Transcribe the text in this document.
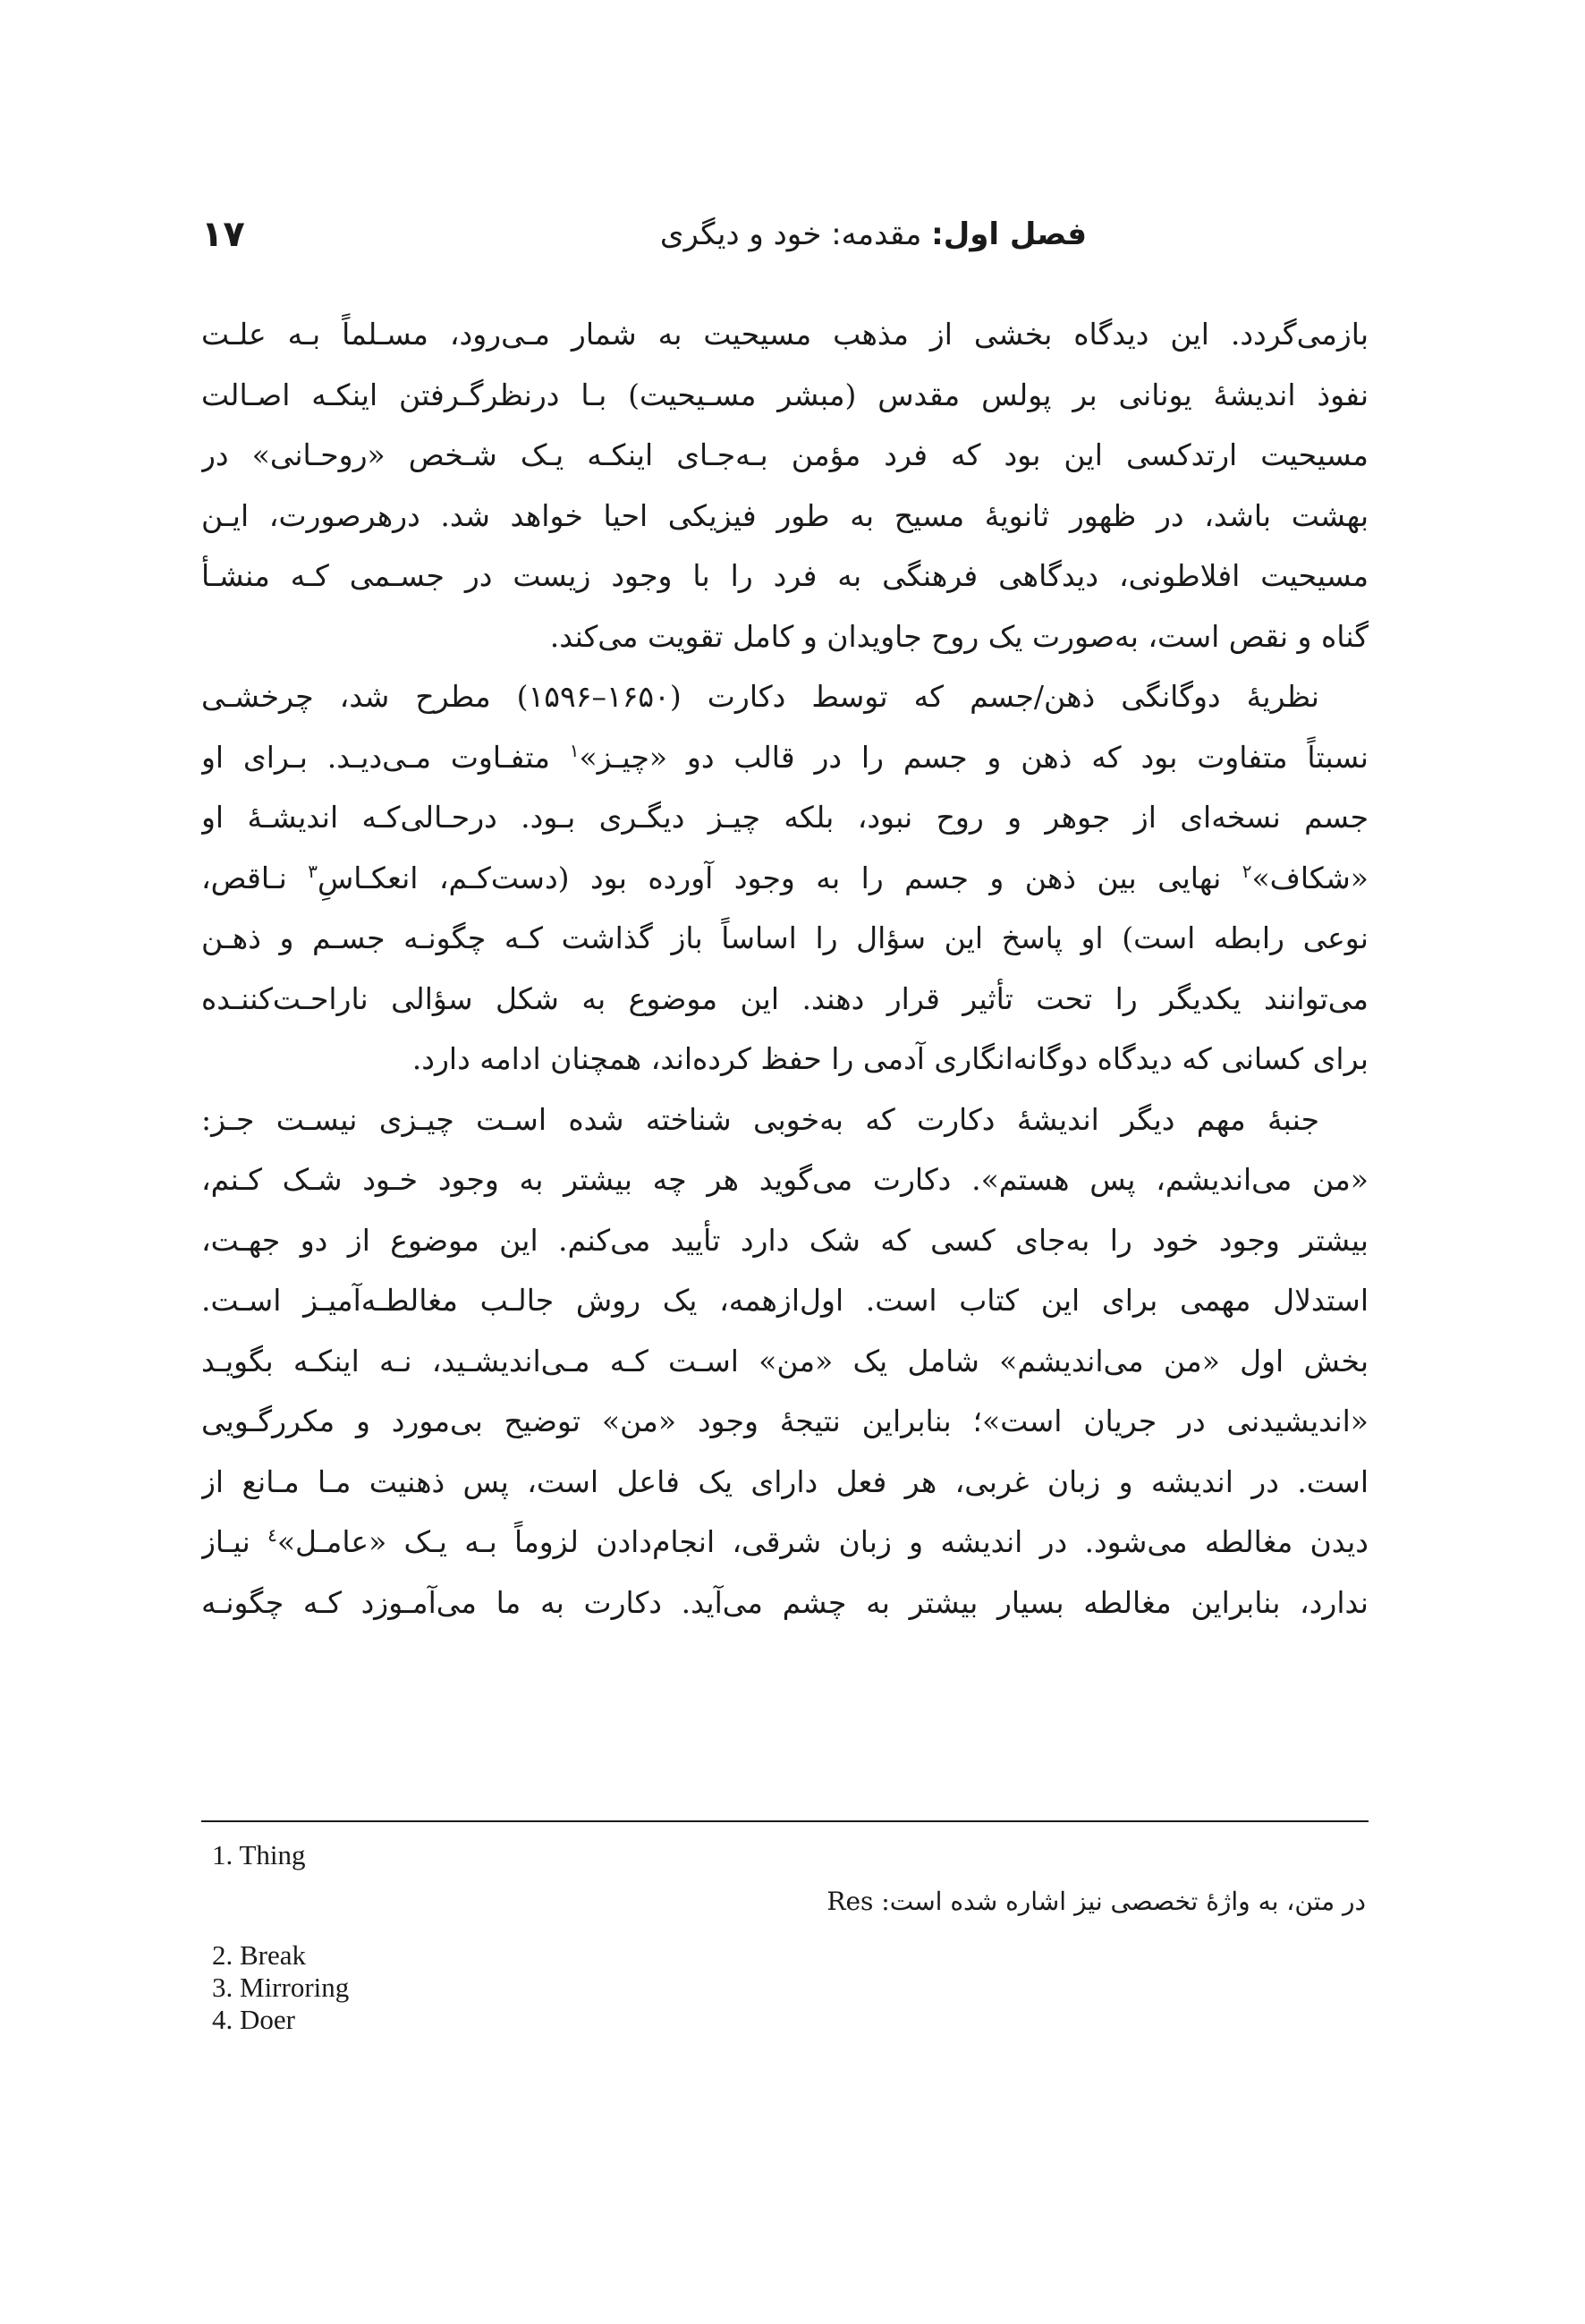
فصل اول: مقدمه: خود و دیگری
۱۷
بازمی‌گردد. این دیدگاه بخشی از مذهب مسیحیت به شمار مـی‌رود، مسـلماً بـه علـت
نفوذ اندیشهٔ یونانی بر پولس مقدس (مبشر مسـیحیت) بـا درنظرگـرفتن اینکـه اصـالت
مسیحیت ارتدکسی این بود که فرد مؤمن بـه‌جـای اینکـه یـک شـخص «روحـانی» در
بهشت باشد، در ظهور ثانویهٔ مسیح به طور فیزیکی احیا خواهد شد. درهرصورت، ایـن
مسیحیت افلاطونی، دیدگاهی فرهنگی به فرد را با وجود زیست در جسـمی کـه منشـأ
گناه و نقص است، به‌صورت یک روح جاویدان و کامل تقویت می‌کند.
نظریهٔ دوگانگی ذهن/جسم که توسط دکارت (۱۶۵۰–۱۵۹۶) مطرح شد، چرخشـی
نسبتاً متفاوت بود که ذهن و جسم را در قالب دو «چیـز»$^۱$ متفـاوت مـی‌دیـد. بـرای او
جسم نسخه‌ای از جوهر و روح نبود، بلکه چیـز دیگـری بـود. درحـالی‌کـه اندیشـهٔ او
«شکاف»$^۲$ نهایی بین ذهن و جسم را به وجود آورده بود (دست‌کـم، انعکـاسِ$^۳$ نـاقص،
نوعی رابطه است) او پاسخ این سؤال را اساساً باز گذاشت کـه چگونـه جسـم و ذهـن
می‌توانند یکدیگر را تحت تأثیر قرار دهند. این موضوع به شکل سؤالی ناراحـت‌کننـده
برای کسانی که دیدگاه دوگانه‌انگاری آدمی را حفظ کرده‌اند، همچنان ادامه دارد.
جنبهٔ مهم دیگر اندیشهٔ دکارت که به‌خوبی شناخته شده اسـت چیـزی نیسـت جـز:
«من می‌اندیشم، پس هستم». دکارت می‌گوید هر چه بیشتر به وجود خـود شـک کـنم،
بیشتر وجود خود را به‌جای کسی که شک دارد تأیید می‌کنم. این موضوع از دو جهـت،
استدلال مهمی برای این کتاب است. اول‌ازهمه، یک روش جالـب مغالطـه‌آمیـز اسـت.
بخش اول «من می‌اندیشم» شامل یک «من» اسـت کـه مـی‌اندیشـید، نـه اینکـه بگویـد
«اندیشیدنی در جریان است»؛ بنابراین نتیجهٔ وجود «من» توضیح بی‌مورد و مکررگـویی
است. در اندیشه و زبان غربی، هر فعل دارای یک فاعل است، پس ذهنیت مـا مـانع از
دیدن مغالطه می‌شود. در اندیشه و زبان شرقی، انجام‌دادن لزوماً بـه یـک «عامـل»$^٤$ نیـاز
ندارد، بنابراین مغالطه بسیار بیشتر به چشم می‌آید. دکارت به ما می‌آمـوزد کـه چگونـه
1. Thing
در متن، به واژهٔ تخصصی نیز اشاره شده است: Res
2. Break
3. Mirroring
4. Doer
